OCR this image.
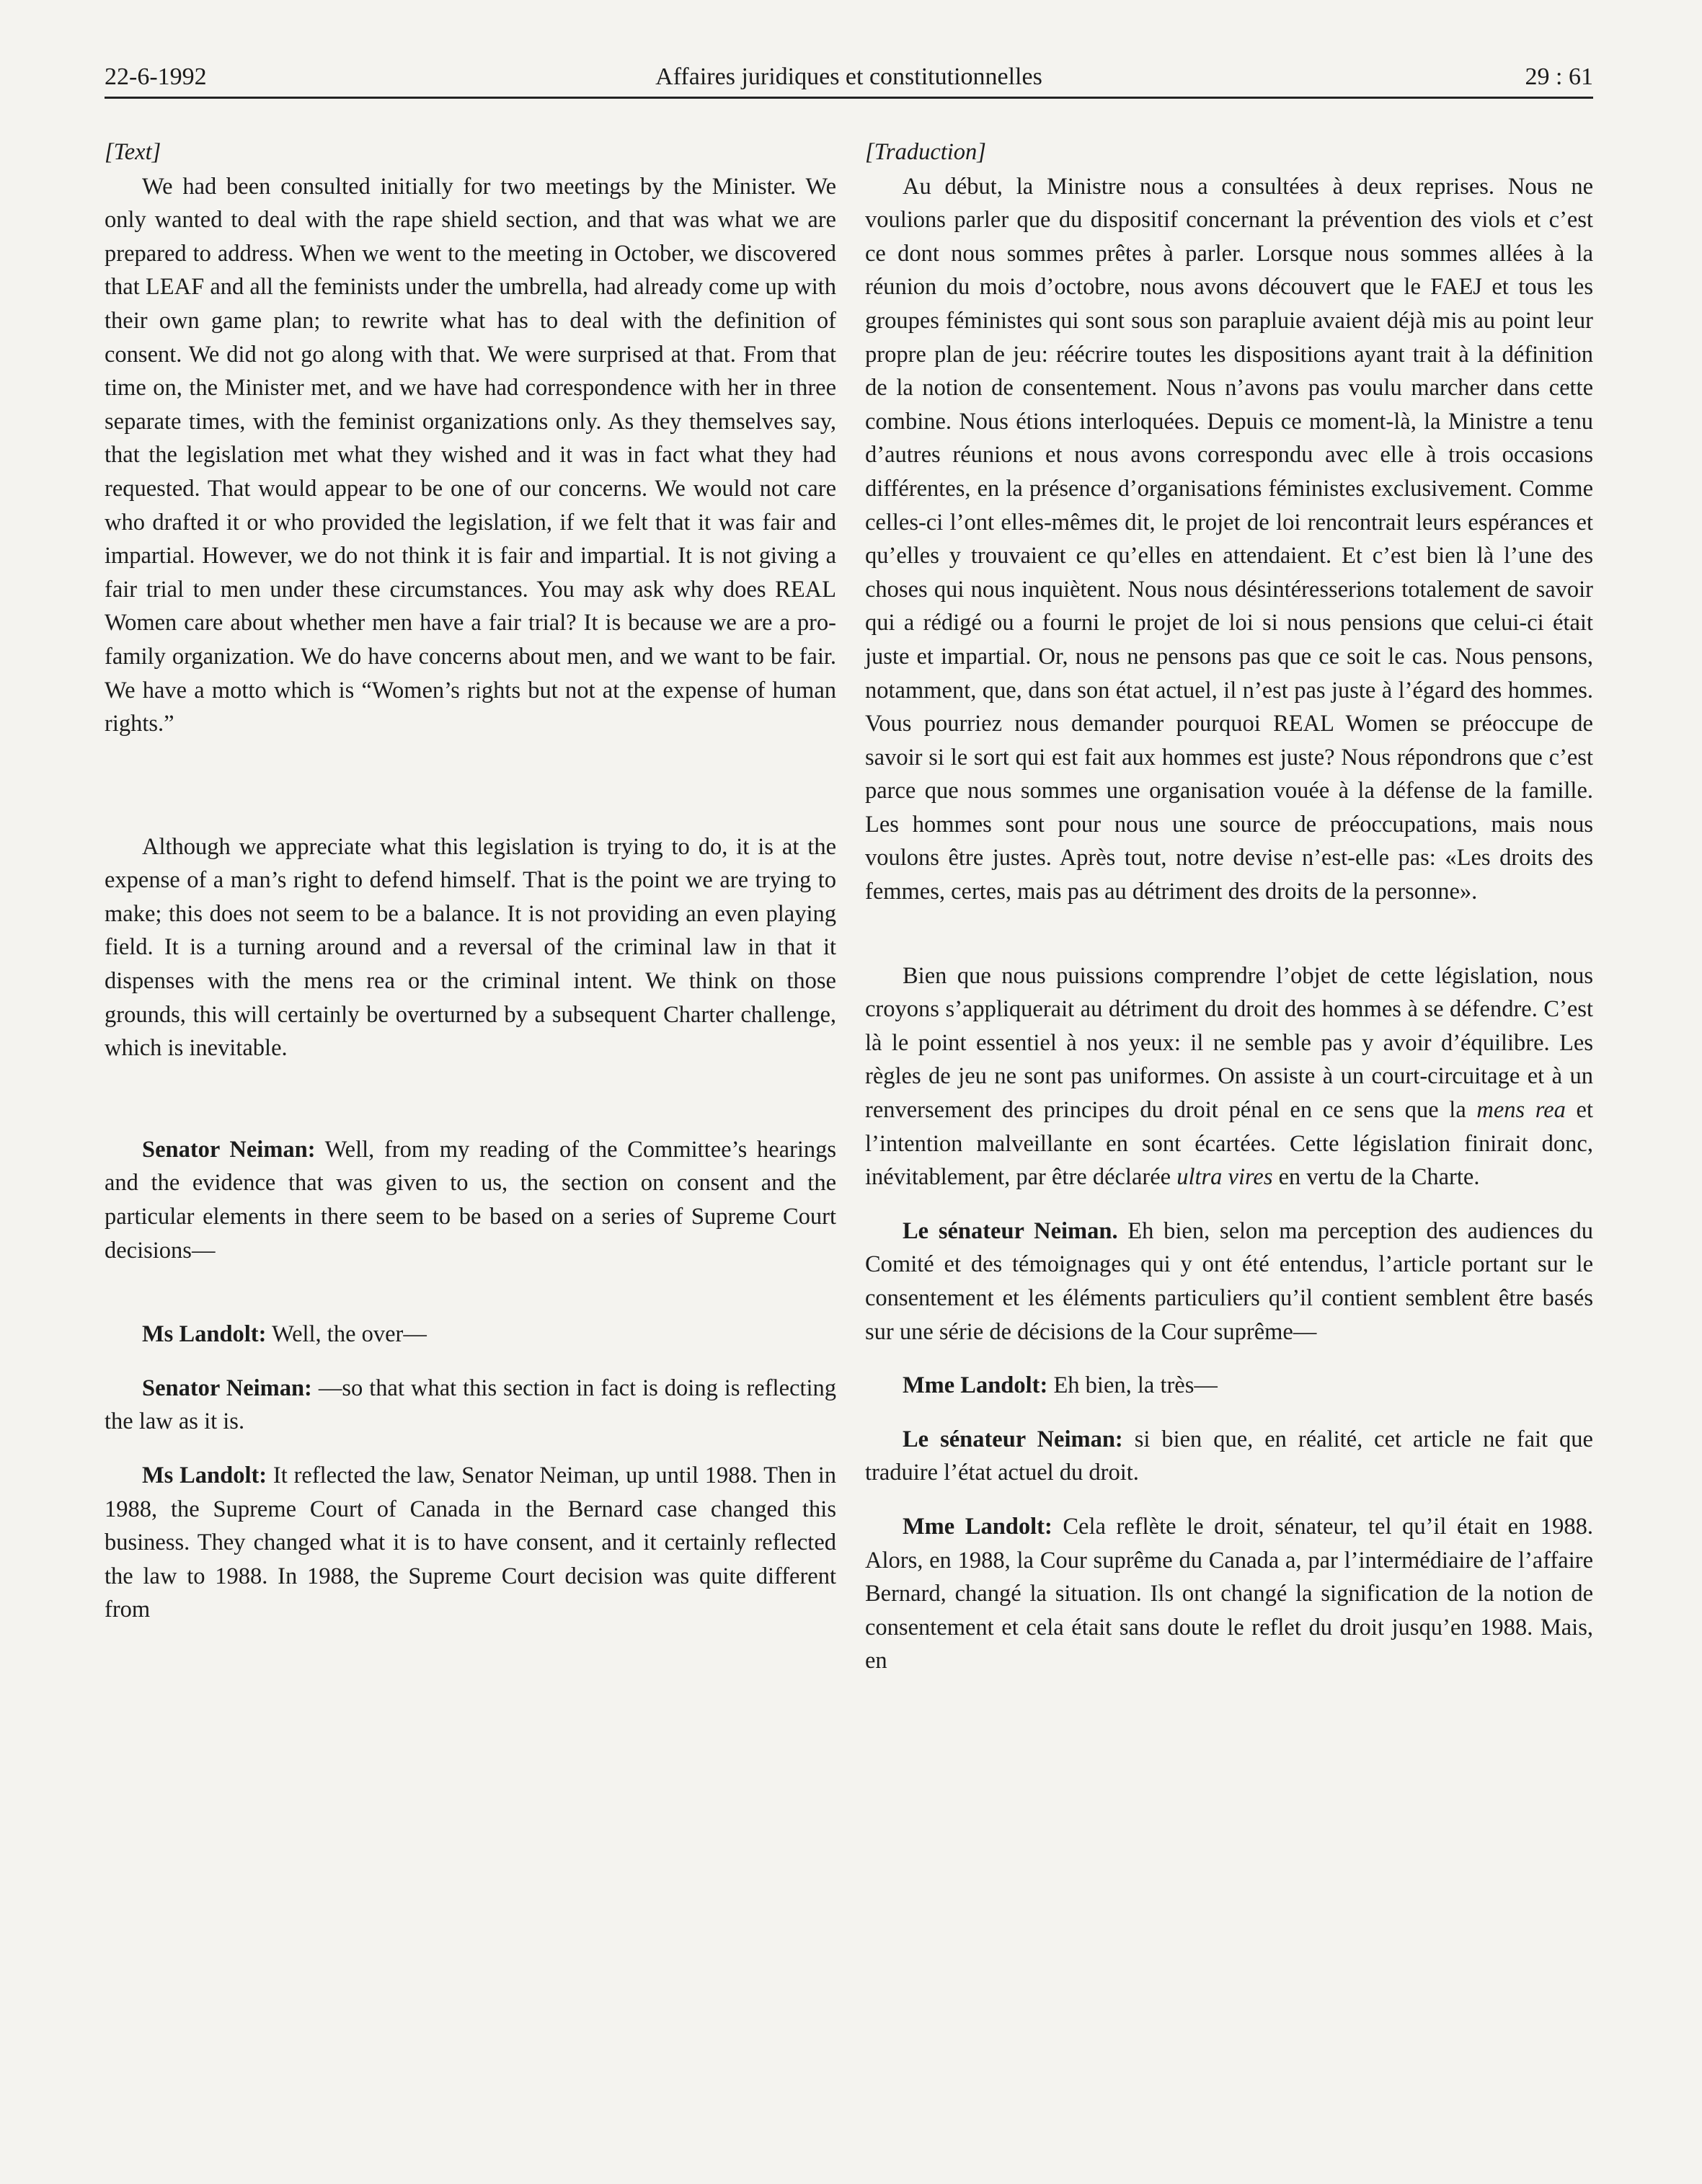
22-6-1992	Affaires juridiques et constitutionnelles	29 : 61
[Text]

We had been consulted initially for two meetings by the Minister. We only wanted to deal with the rape shield section, and that was what we are prepared to address. When we went to the meeting in October, we discovered that LEAF and all the feminists under the umbrella, had already come up with their own game plan; to rewrite what has to deal with the definition of consent. We did not go along with that. We were surprised at that. From that time on, the Minister met, and we have had correspondence with her in three separate times, with the feminist organizations only. As they themselves say, that the legislation met what they wished and it was in fact what they had requested. That would appear to be one of our concerns. We would not care who drafted it or who provided the legislation, if we felt that it was fair and impartial. However, we do not think it is fair and impartial. It is not giving a fair trial to men under these circumstances. You may ask why does REAL Women care about whether men have a fair trial? It is because we are a pro-family organization. We do have concerns about men, and we want to be fair. We have a motto which is “Women’s rights but not at the expense of human rights.”

Although we appreciate what this legislation is trying to do, it is at the expense of a man’s right to defend himself. That is the point we are trying to make; this does not seem to be a balance. It is not providing an even playing field. It is a turning around and a reversal of the criminal law in that it dispenses with the mens rea or the criminal intent. We think on those grounds, this will certainly be overturned by a subsequent Charter challenge, which is inevitable.

Senator Neiman: Well, from my reading of the Committee’s hearings and the evidence that was given to us, the section on consent and the particular elements in there seem to be based on a series of Supreme Court decisions—

Ms Landolt: Well, the over—

Senator Neiman: —so that what this section in fact is doing is reflecting the law as it is.

Ms Landolt: It reflected the law, Senator Neiman, up until 1988. Then in 1988, the Supreme Court of Canada in the Bernard case changed this business. They changed what it is to have consent, and it certainly reflected the law to 1988. In 1988, the Supreme Court decision was quite different from

[Traduction]

Au début, la Ministre nous a consultées à deux reprises. Nous ne voulions parler que du dispositif concernant la prévention des viols et c’est ce dont nous sommes prêtes à parler. Lorsque nous sommes allées à la réunion du mois d’octobre, nous avons découvert que le FAEJ et tous les groupes féministes qui sont sous son parapluie avaient déjà mis au point leur propre plan de jeu: réécrire toutes les dispositions ayant trait à la définition de la notion de consentement. Nous n’avons pas voulu marcher dans cette combine. Nous étions interloquées. Depuis ce moment-là, la Ministre a tenu d’autres réunions et nous avons correspondu avec elle à trois occasions différentes, en la présence d’organisations féministes exclusivement. Comme celles-ci l’ont elles-mêmes dit, le projet de loi rencontrait leurs espérances et qu’elles y trouvaient ce qu’elles en attendaient. Et c’est bien là l’une des choses qui nous inquiètent. Nous nous désintéresserions totalement de savoir qui a rédigé ou a fourni le projet de loi si nous pensions que celui-ci était juste et impartial. Or, nous ne pensons pas que ce soit le cas. Nous pensons, notamment, que, dans son état actuel, il n’est pas juste à l’égard des hommes. Vous pourriez nous demander pourquoi REAL Women se préoccupe de savoir si le sort qui est fait aux hommes est juste? Nous répondrons que c’est parce que nous sommes une organisation vouée à la défense de la famille. Les hommes sont pour nous une source de préoccupations, mais nous voulons être justes. Après tout, notre devise n’est-elle pas: «Les droits des femmes, certes, mais pas au détriment des droits de la personne».

Bien que nous puissions comprendre l’objet de cette législation, nous croyons s’appliquerait au détriment du droit des hommes à se défendre. C’est là le point essentiel à nos yeux: il ne semble pas y avoir d’équilibre. Les règles de jeu ne sont pas uniformes. On assiste à un court-circuitage et à un renversement des principes du droit pénal en ce sens que la mens rea et l’intention malveillante en sont écartées. Cette législation finirait donc, inévitablement, par être déclarée ultra vires en vertu de la Charte.

Le sénateur Neiman. Eh bien, selon ma perception des audiences du Comité et des témoignages qui y ont été entendus, l’article portant sur le consentement et les éléments particuliers qu’il contient semblent être basés sur une série de décisions de la Cour suprême—

Mme Landolt: Eh bien, la très—

Le sénateur Neiman: si bien que, en réalité, cet article ne fait que traduire l’état actuel du droit.

Mme Landolt: Cela reflète le droit, sénateur, tel qu’il était en 1988. Alors, en 1988, la Cour suprême du Canada a, par l’intermédiaire de l’affaire Bernard, changé la situation. Ils ont changé la signification de la notion de consentement et cela était sans doute le reflet du droit jusqu’en 1988. Mais, en
